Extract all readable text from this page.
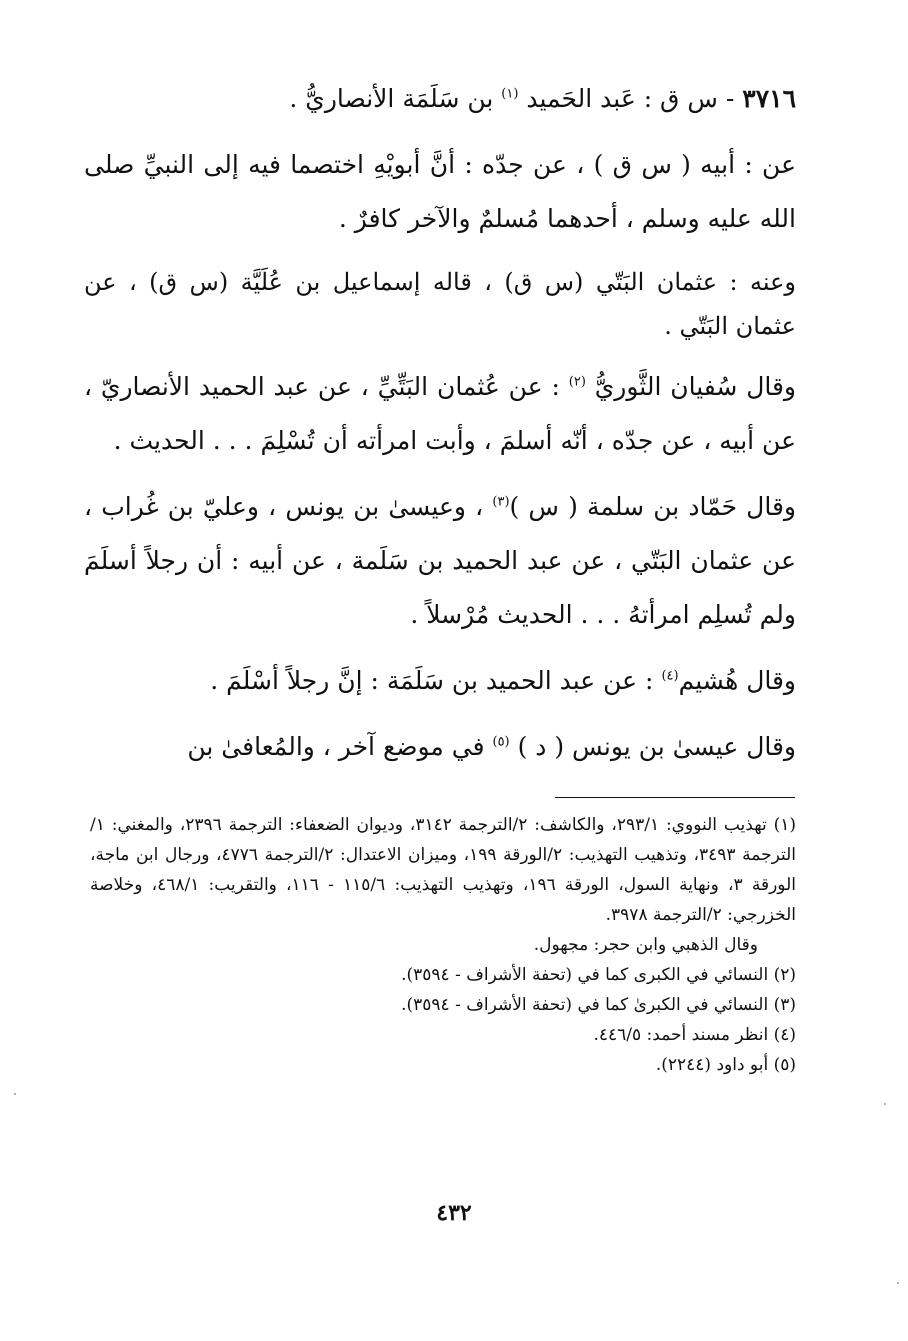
٣٧١٦ - س ق : عَبد الحَميد $^{(١)}$ بن سَلَمَة الأنصاريُّ .

عن : أبيه ( س ق ) ، عن جدّه : أنَّ أبويْهِ اختصما فيه إلى النبيِّ صلى الله عليه وسلم ، أحدهما مُسلمٌ والآخر كافرٌ .

وعنه : عثمان البَتّي (س ق) ، قاله إسماعيل بن عُلَيَّة (س ق) ، عن عثمان البَتّي .

وقال سُفيان الثَّوريُّ $^{(٢)}$ : عن عُثمان البَتِّيِّ ، عن عبد الحميد الأنصاريّ ، عن أبيه ، عن جدّه ، أنّه أسلمَ ، وأبت امرأته أن تُسْلِمَ . . . الحديث .

وقال حَمّاد بن سلمة ( س )$^{(٣)}$ ، وعيسىٰ بن يونس ، وعليّ بن غُراب ، عن عثمان البَتّي ، عن عبد الحميد بن سَلَمة ، عن أبيه : أن رجلاً أسلَمَ ولم تُسلِم امرأتهُ . . . الحديث مُرْسلاً .

وقال هُشيم$^{(٤)}$ : عن عبد الحميد بن سَلَمَة : إنَّ رجلاً أسْلَمَ .

وقال عيسىٰ بن يونس ( د ) $^{(٥)}$ في موضع آخر ، والمُعافىٰ بن

(١) تهذيب النووي: ٢٩٣/١، والكاشف: ٢/الترجمة ٣١٤٢، وديوان الضعفاء: الترجمة ٢٣٩٦، والمغني: ١/الترجمة ٣٤٩٣، وتذهيب التهذيب: ٢/الورقة ١٩٩، وميزان الاعتدال: ٢/الترجمة ٤٧٧٦، ورجال ابن ماجة، الورقة ٣، ونهاية السول، الورقة ١٩٦، وتهذيب التهذيب: ١١٥/٦ - ١١٦، والتقريب: ٤٦٨/١، وخلاصة الخزرجي: ٢/الترجمة ٣٩٧٨.

وقال الذهبي وابن حجر: مجهول.

(٢) النسائي في الكبرى كما في (تحفة الأشراف - ٣٥٩٤).

(٣) النسائي في الكبرىٰ كما في (تحفة الأشراف - ٣٥٩٤).

(٤) انظر مسند أحمد: ٤٤٦/٥.

(٥) أبو داود (٢٢٤٤).

٤٣٢
